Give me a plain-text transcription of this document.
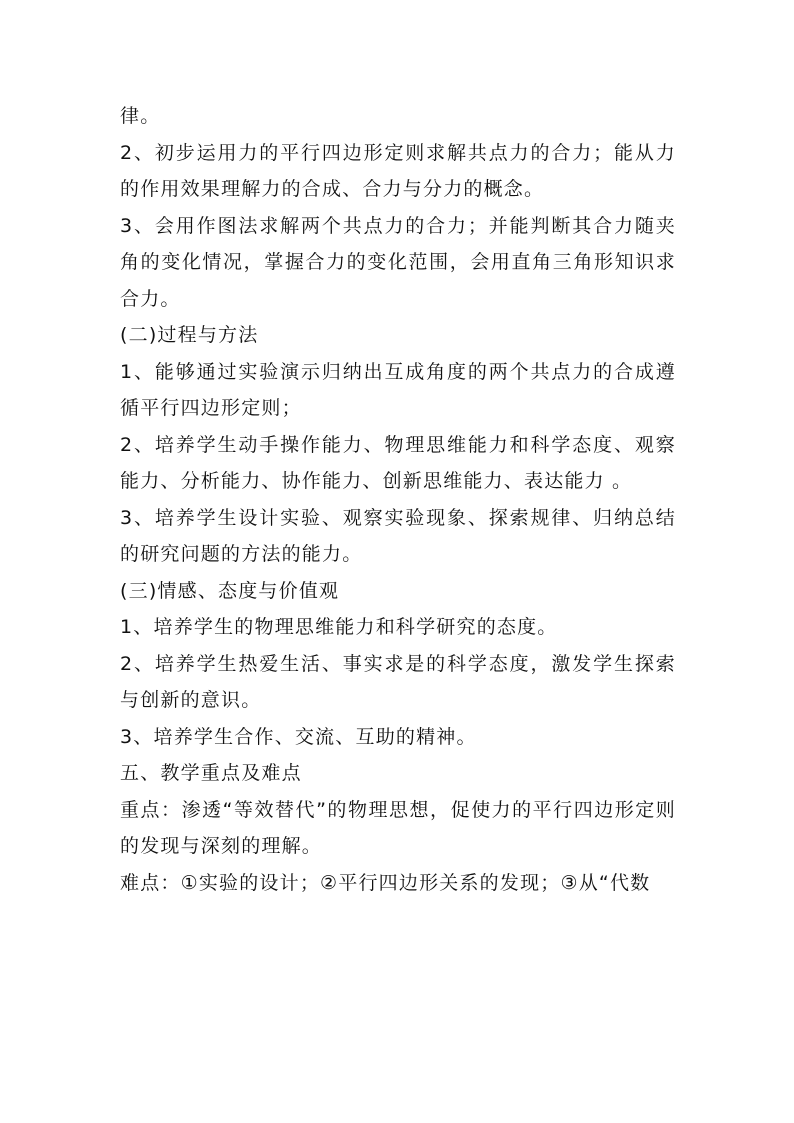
律。

2、初步运用力的平行四边形定则求解共点力的合力；能从力的作用效果理解力的合成、合力与分力的概念。

3、会用作图法求解两个共点力的合力；并能判断其合力随夹角的变化情况，掌握合力的变化范围，会用直角三角形知识求合力。

(二)过程与方法

1、能够通过实验演示归纳出互成角度的两个共点力的合成遵循平行四边形定则；

2、培养学生动手操作能力、物理思维能力和科学态度、观察能力、分析能力、协作能力、创新思维能力、表达能力 。

3、培养学生设计实验、观察实验现象、探索规律、归纳总结的研究问题的方法的能力。

(三)情感、态度与价值观

1、培养学生的物理思维能力和科学研究的态度。

2、培养学生热爱生活、事实求是的科学态度，激发学生探索与创新的意识。

3、培养学生合作、交流、互助的精神。

五、教学重点及难点

重点：渗透“等效替代”的物理思想，促使力的平行四边形定则的发现与深刻的理解。

难点：①实验的设计；②平行四边形关系的发现；③从“代数
